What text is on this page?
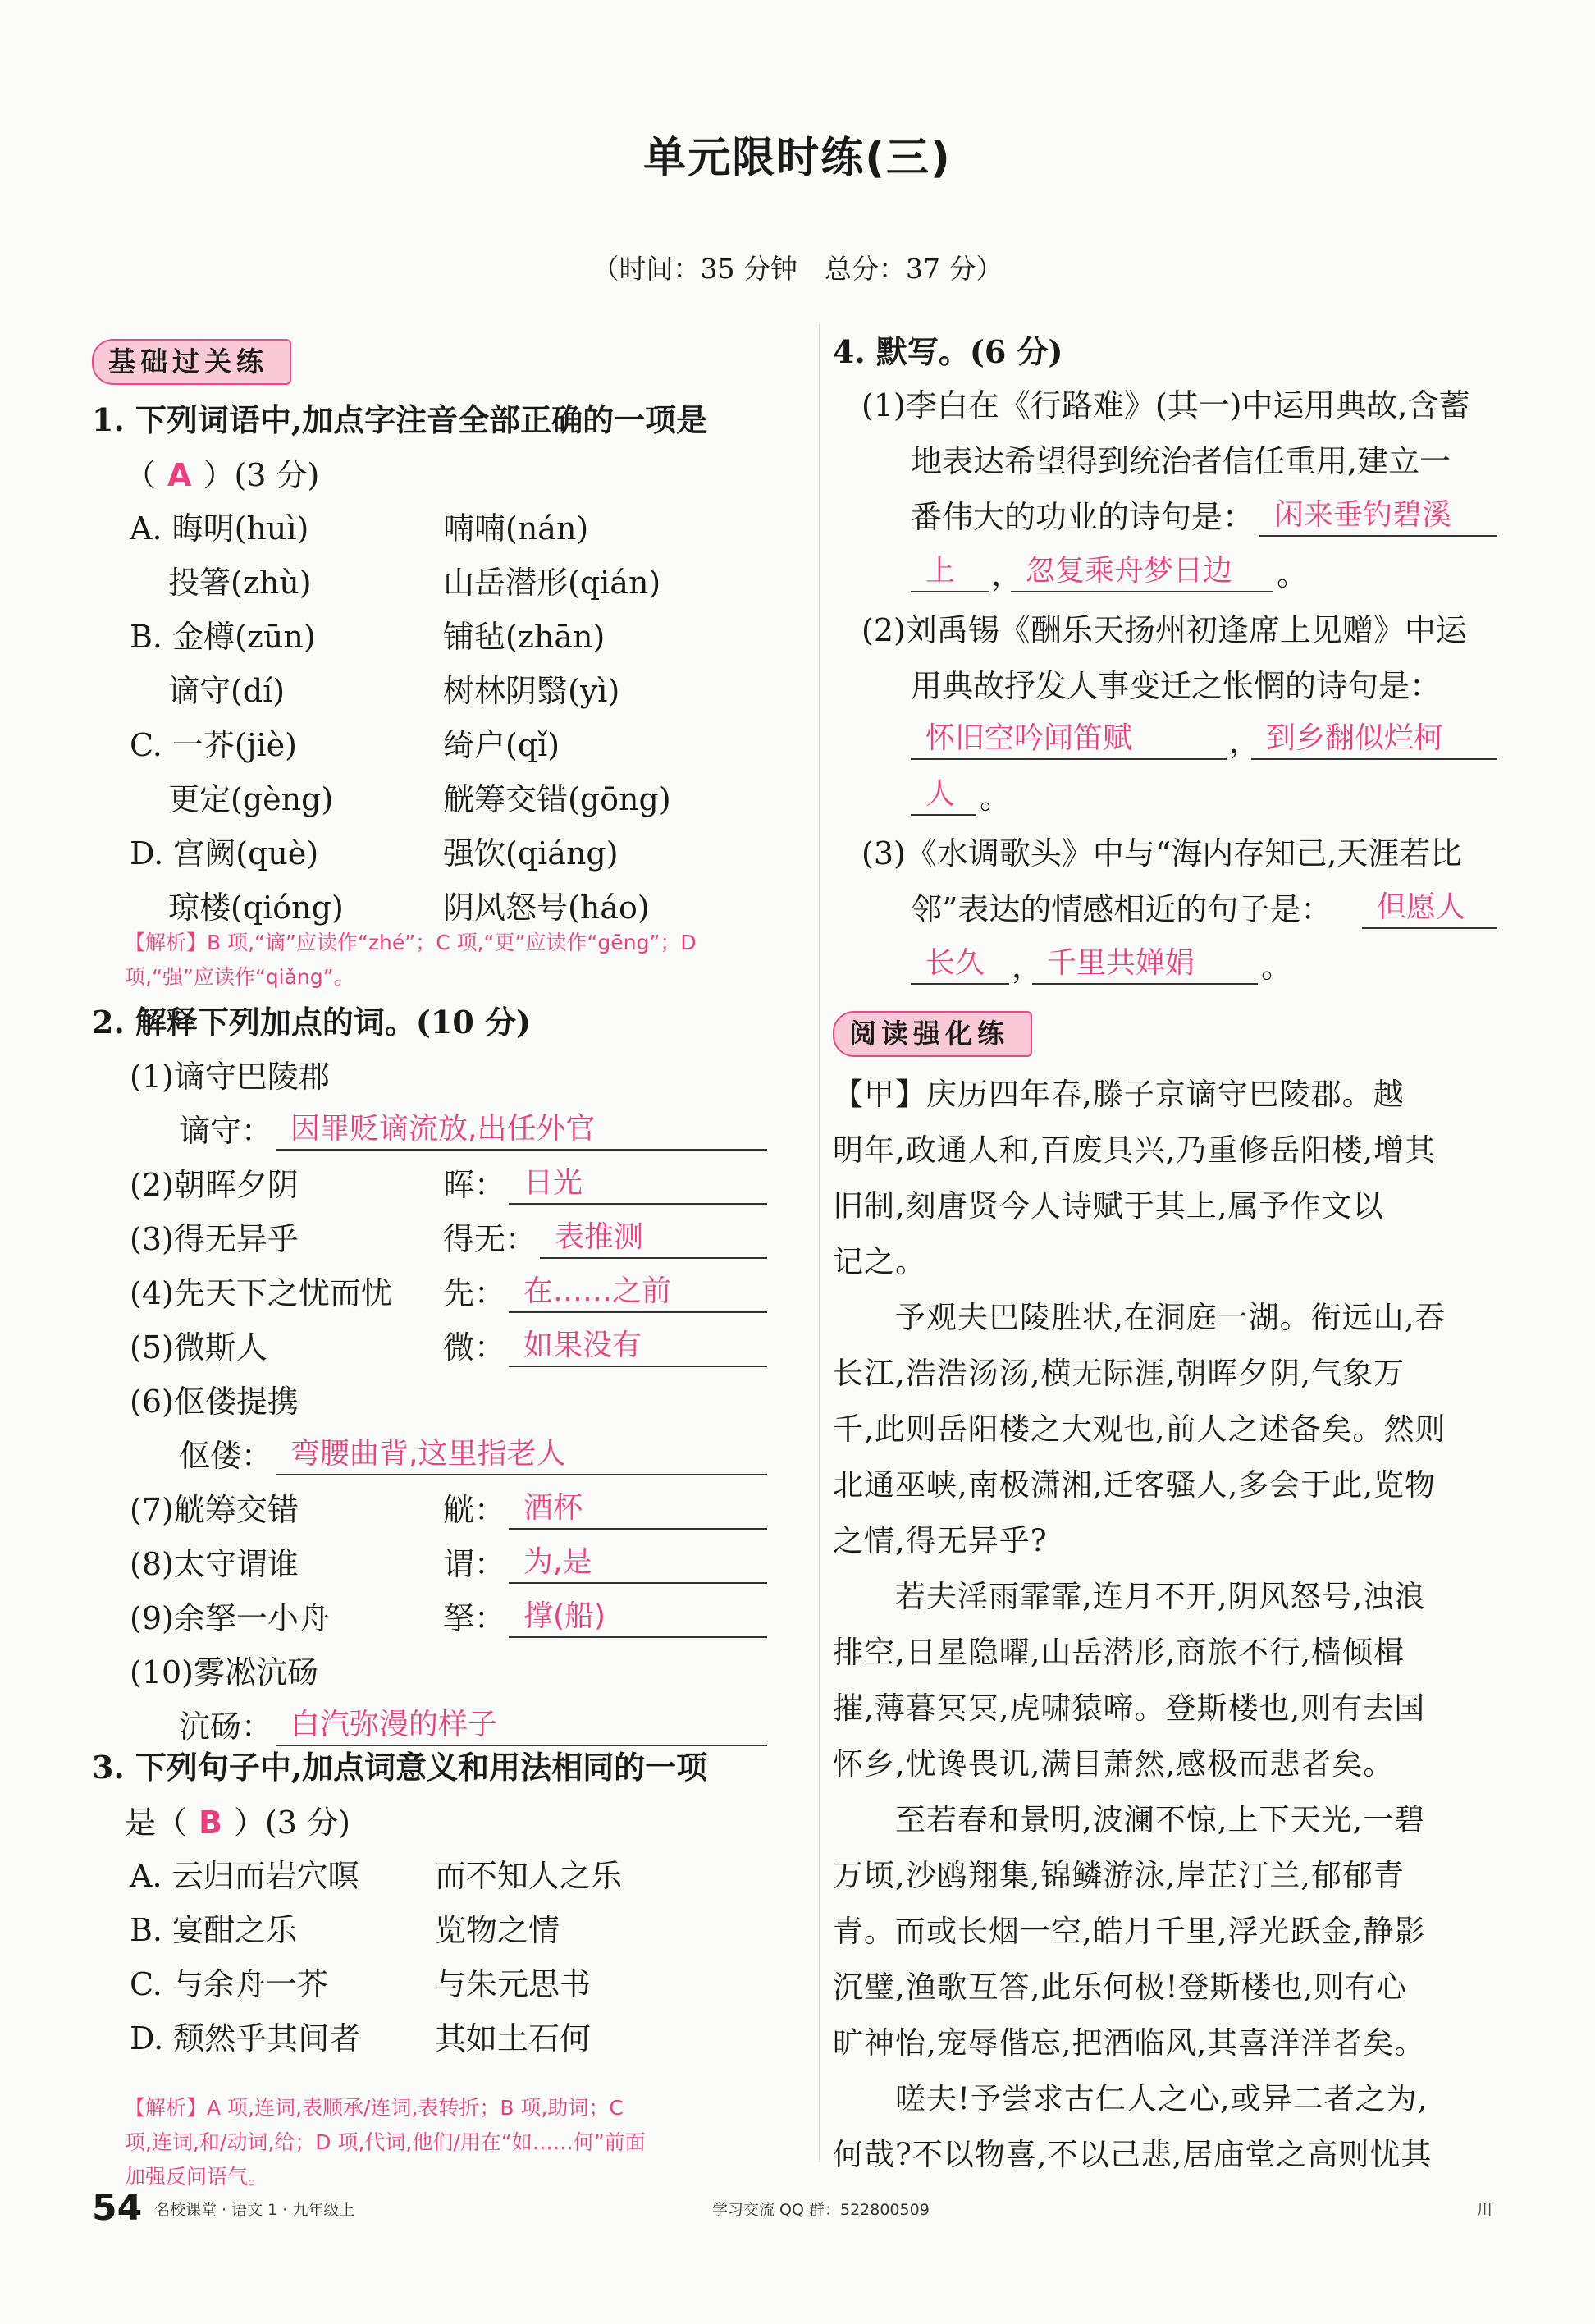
单元限时练(三)
（时间：35 分钟　总分：37 分）
基础过关练
1. 下列词语中,加点字注音全部正确的一项是
（ A ）(3 分)
A. 晦明(huì)	喃喃(nán)
投箸(zhù)	山岳潜形(qián)
B. 金樽(zūn)	铺毡(zhān)
谪守(dí)	树林阴翳(yì)
C. 一芥(jiè)	绮户(qǐ)
更定(gèng)	觥筹交错(gōng)
D. 宫阙(què)	强饮(qiáng)
琼楼(qióng)	阴风怒号(háo)
【解析】B 项,“谪”应读作“zhé”；C 项,“更”应读作“gēng”；D
项,“强”应读作“qiǎng”。
2. 解释下列加点的词。(10 分)
(1)谪守巴陵郡
谪守： 因罪贬谪流放,出任外官
(2)朝晖夕阴	晖： 日光
(3)得无异乎	得无： 表推测
(4)先天下之忧而忧 先： 在……之前
(5)微斯人	微： 如果没有
(6)伛偻提携
伛偻： 弯腰曲背,这里指老人
(7)觥筹交错	觥： 酒杯
(8)太守谓谁	谓： 为,是
(9)余拏一小舟	拏： 撑(船)
(10)雾凇沆砀
沆砀： 白汽弥漫的样子
3. 下列句子中,加点词意义和用法相同的一项
是（ B ）(3 分)
A. 云归而岩穴暝 而不知人之乐
B. 宴酣之乐	览物之情
C. 与余舟一芥	与朱元思书
D. 颓然乎其间者 其如土石何
【解析】A 项,连词,表顺承/连词,表转折；B 项,助词；C
项,连词,和/动词,给；D 项,代词,他们/用在“如……何”前面
加强反问语气。
4. 默写。(6 分)
(1)李白在《行路难》(其一)中运用典故,含蓄
地表达希望得到统治者信任重用,建立一
番伟大的功业的诗句是： 闲来垂钓碧溪
上 ， 忽复乘舟梦日边 。
(2)刘禹锡《酬乐天扬州初逢席上见赠》中运
用典故抒发人事变迁之怅惘的诗句是：
怀旧空吟闻笛赋	， 到乡翻似烂柯
人 。
(3)《水调歌头》中与“海内存知己,天涯若比
邻”表达的情感相近的句子是： 但愿人
长久 ， 千里共婵娟 。
阅读强化练
【甲】庆历四年春,滕子京谪守巴陵郡。越
明年,政通人和,百废具兴,乃重修岳阳楼,增其
旧制,刻唐贤今人诗赋于其上,属予作文以
记之。
　　予观夫巴陵胜状,在洞庭一湖。衔远山,吞
长江,浩浩汤汤,横无际涯,朝晖夕阴,气象万
千,此则岳阳楼之大观也,前人之述备矣。然则
北通巫峡,南极潇湘,迁客骚人,多会于此,览物
之情,得无异乎?
　　若夫淫雨霏霏,连月不开,阴风怒号,浊浪
排空,日星隐曜,山岳潜形,商旅不行,樯倾楫
摧,薄暮冥冥,虎啸猿啼。登斯楼也,则有去国
怀乡,忧谗畏讥,满目萧然,感极而悲者矣。
　　至若春和景明,波澜不惊,上下天光,一碧
万顷,沙鸥翔集,锦鳞游泳,岸芷汀兰,郁郁青
青。而或长烟一空,皓月千里,浮光跃金,静影
沉璧,渔歌互答,此乐何极!登斯楼也,则有心
旷神怡,宠辱偕忘,把酒临风,其喜洋洋者矣。
　　嗟夫!予尝求古仁人之心,或异二者之为,
何哉?不以物喜,不以己悲,居庙堂之高则忧其
54 名校课堂 · 语文 1 · 九年级上	学习交流 QQ 群：522800509	川
